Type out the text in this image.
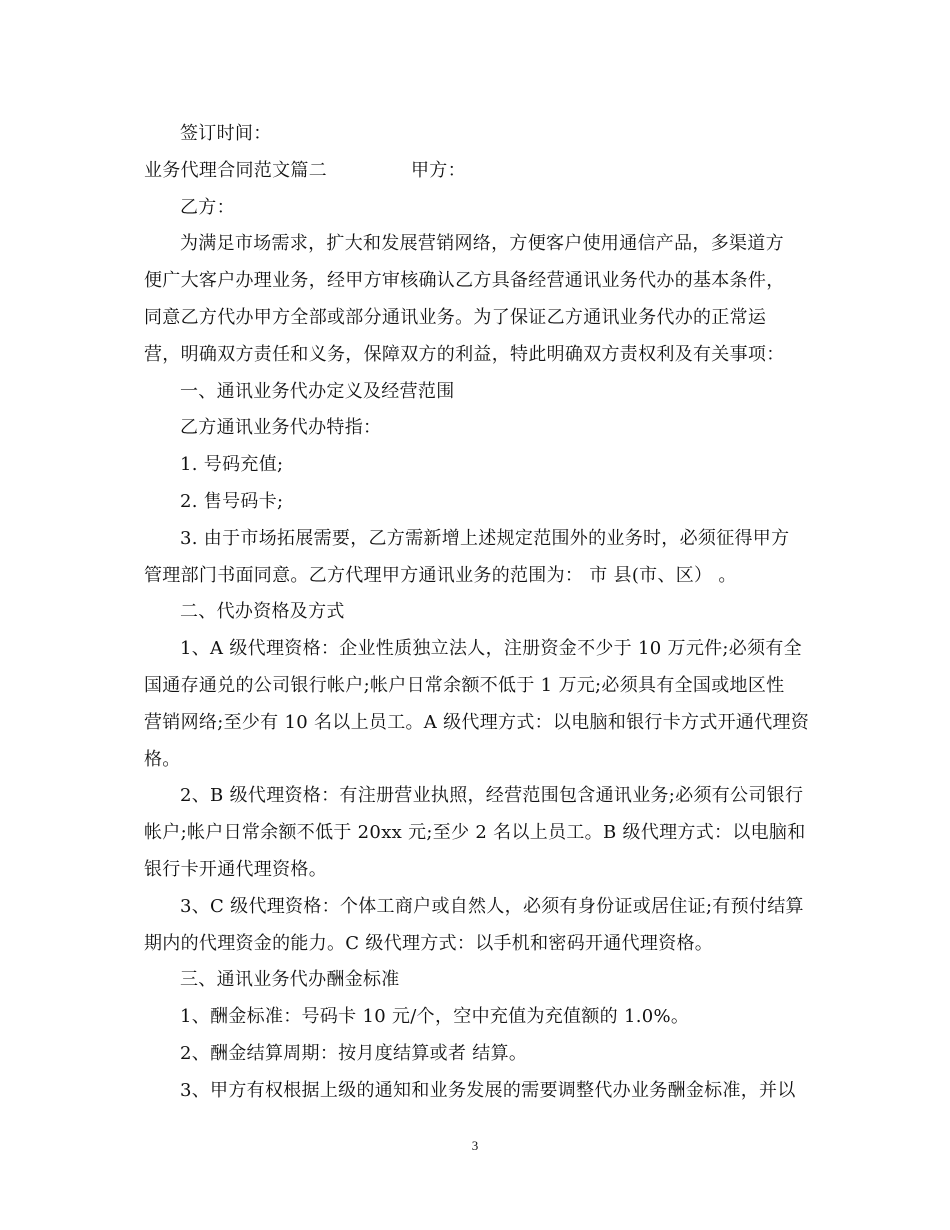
签订时间：
业务代理合同范文篇二	甲方：
乙方：
为满足市场需求，扩大和发展营销网络，方便客户使用通信产品，多渠道方
便广大客户办理业务，经甲方审核确认乙方具备经营通讯业务代办的基本条件，
同意乙方代办甲方全部或部分通讯业务。为了保证乙方通讯业务代办的正常运
营，明确双方责任和义务，保障双方的利益，特此明确双方责权利及有关事项：
一、通讯业务代办定义及经营范围
乙方通讯业务代办特指：
1. 号码充值;
2. 售号码卡;
3. 由于市场拓展需要，乙方需新增上述规定范围外的业务时，必须征得甲方
管理部门书面同意。乙方代理甲方通讯业务的范围为： 市 县(市、区） 。
二、代办资格及方式
1、A 级代理资格：企业性质独立法人，注册资金不少于 10 万元件;必须有全
国通存通兑的公司银行帐户;帐户日常余额不低于 1 万元;必须具有全国或地区性
营销网络;至少有 10 名以上员工。A 级代理方式：以电脑和银行卡方式开通代理资
格。
2、B 级代理资格：有注册营业执照，经营范围包含通讯业务;必须有公司银行
帐户;帐户日常余额不低于 20xx 元;至少 2 名以上员工。B 级代理方式：以电脑和
银行卡开通代理资格。
3、C 级代理资格：个体工商户或自然人，必须有身份证或居住证;有预付结算
期内的代理资金的能力。C 级代理方式：以手机和密码开通代理资格。
三、通讯业务代办酬金标准
1、酬金标准：号码卡 10 元/个，空中充值为充值额的 1.0%。
2、酬金结算周期：按月度结算或者 结算。
3、甲方有权根据上级的通知和业务发展的需要调整代办业务酬金标准，并以
3
